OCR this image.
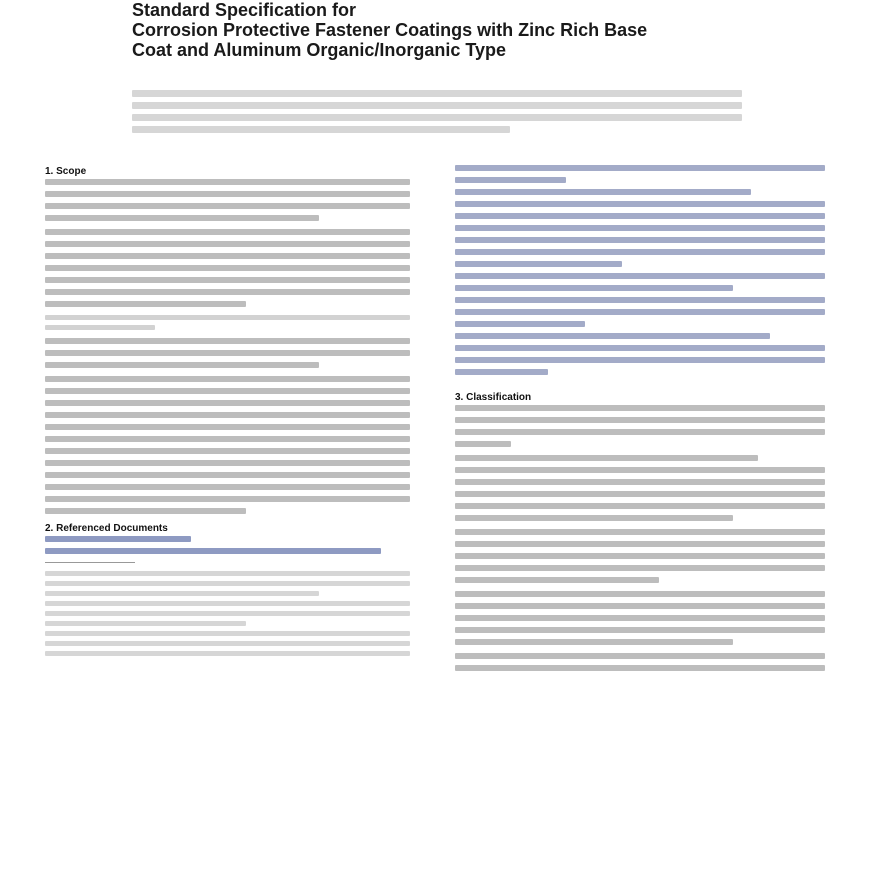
Standard Specification for
Corrosion Protective Fastener Coatings with Zinc Rich Base
Coat and Aluminum Organic/Inorganic Type
1. Scope
2. Referenced Documents
3. Classification
